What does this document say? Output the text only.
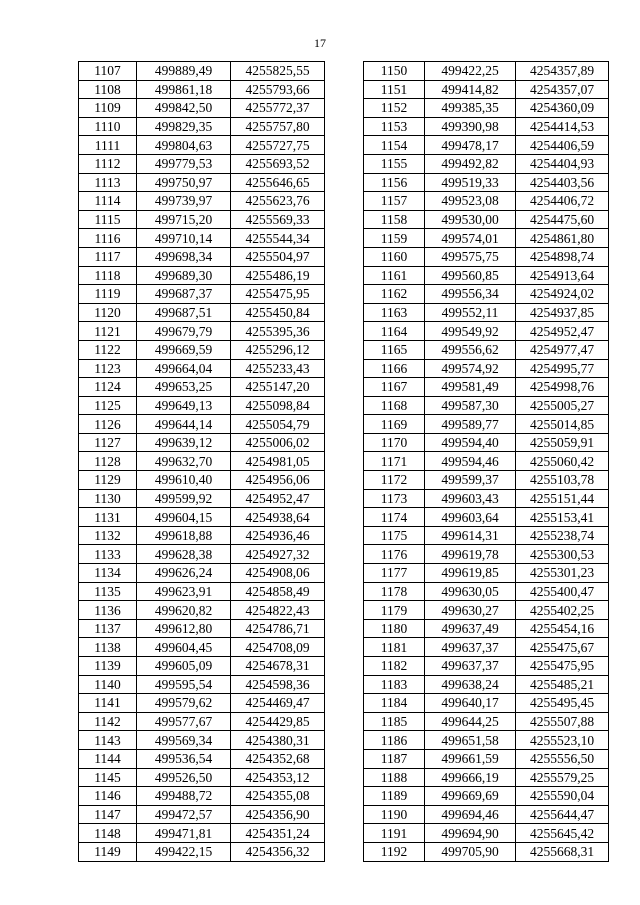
17
1107	499889,49	4255825,55
1108	499861,18	4255793,66
1109	499842,50	4255772,37
1110	499829,35	4255757,80
1111	499804,63	4255727,75
1112	499779,53	4255693,52
1113	499750,97	4255646,65
1114	499739,97	4255623,76
1115	499715,20	4255569,33
1116	499710,14	4255544,34
1117	499698,34	4255504,97
1118	499689,30	4255486,19
1119	499687,37	4255475,95
1120	499687,51	4255450,84
1121	499679,79	4255395,36
1122	499669,59	4255296,12
1123	499664,04	4255233,43
1124	499653,25	4255147,20
1125	499649,13	4255098,84
1126	499644,14	4255054,79
1127	499639,12	4255006,02
1128	499632,70	4254981,05
1129	499610,40	4254956,06
1130	499599,92	4254952,47
1131	499604,15	4254938,64
1132	499618,88	4254936,46
1133	499628,38	4254927,32
1134	499626,24	4254908,06
1135	499623,91	4254858,49
1136	499620,82	4254822,43
1137	499612,80	4254786,71
1138	499604,45	4254708,09
1139	499605,09	4254678,31
1140	499595,54	4254598,36
1141	499579,62	4254469,47
1142	499577,67	4254429,85
1143	499569,34	4254380,31
1144	499536,54	4254352,68
1145	499526,50	4254353,12
1146	499488,72	4254355,08
1147	499472,57	4254356,90
1148	499471,81	4254351,24
1149	499422,15	4254356,32
1150	499422,25	4254357,89
1151	499414,82	4254357,07
1152	499385,35	4254360,09
1153	499390,98	4254414,53
1154	499478,17	4254406,59
1155	499492,82	4254404,93
1156	499519,33	4254403,56
1157	499523,08	4254406,72
1158	499530,00	4254475,60
1159	499574,01	4254861,80
1160	499575,75	4254898,74
1161	499560,85	4254913,64
1162	499556,34	4254924,02
1163	499552,11	4254937,85
1164	499549,92	4254952,47
1165	499556,62	4254977,47
1166	499574,92	4254995,77
1167	499581,49	4254998,76
1168	499587,30	4255005,27
1169	499589,77	4255014,85
1170	499594,40	4255059,91
1171	499594,46	4255060,42
1172	499599,37	4255103,78
1173	499603,43	4255151,44
1174	499603,64	4255153,41
1175	499614,31	4255238,74
1176	499619,78	4255300,53
1177	499619,85	4255301,23
1178	499630,05	4255400,47
1179	499630,27	4255402,25
1180	499637,49	4255454,16
1181	499637,37	4255475,67
1182	499637,37	4255475,95
1183	499638,24	4255485,21
1184	499640,17	4255495,45
1185	499644,25	4255507,88
1186	499651,58	4255523,10
1187	499661,59	4255556,50
1188	499666,19	4255579,25
1189	499669,69	4255590,04
1190	499694,46	4255644,47
1191	499694,90	4255645,42
1192	499705,90	4255668,31
